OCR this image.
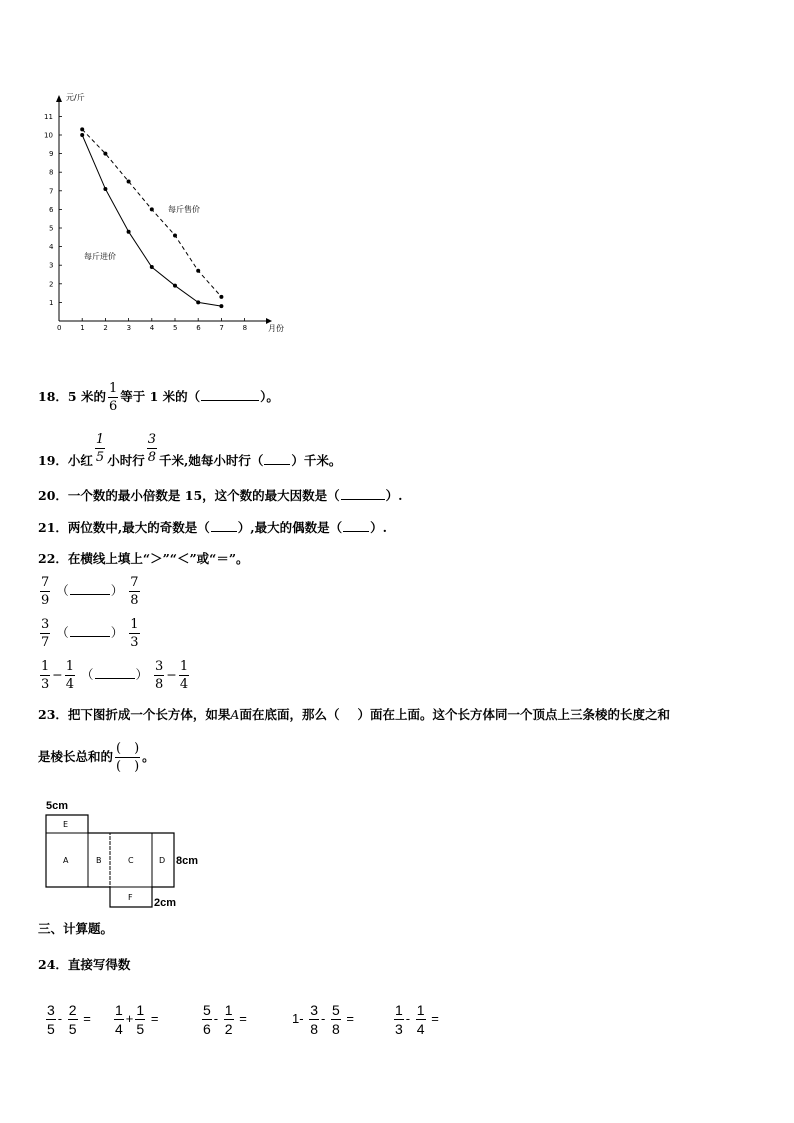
0	1	2	3	4	5	6	7	8
1
2
3
4
5
6
7
8
9
10
11
元/斤
月份
每斤售价
每斤进价
18．5 米的 $\frac{1}{6}$ 等于 1 米的（	）。
19．小红 $\frac{1}{5}$ 小时行 $\frac{3}{8}$ 千米,她每小时行（ ）千米。
20．一个数的最小倍数是 15，这个数的最大因数是（	）.
21．两位数中,最大的奇数是（ ）,最大的偶数是（ ）.
22．在横线上填上“＞”“＜”或“＝”。
$\frac{7}{9}$ （	） $\frac{7}{8}$
$\frac{3}{7}$ （	） $\frac{1}{3}$
$\frac{1}{3} - \frac{1}{4}$ （	） $\frac{3}{8} - \frac{1}{4}$
23．把下图折成一个长方体，如果A面在底面，那么（ ）面在上面。这个长方体同一个顶点上三条棱的长度之和
是棱长总和的 $\frac{( )}{( )}$ 。
E
A	B	C	D
F
5cm
8cm
2cm
三、计算题。
24．直接写得数
$\frac{3}{5} - \frac{2}{5} = \frac{1}{4} + \frac{1}{5}$ =	$\frac{5}{6} - \frac{1}{2}$ =	$1- \frac{3}{8} - \frac{5}{8}$ =	$\frac{1}{3} - \frac{1}{4}$ =
